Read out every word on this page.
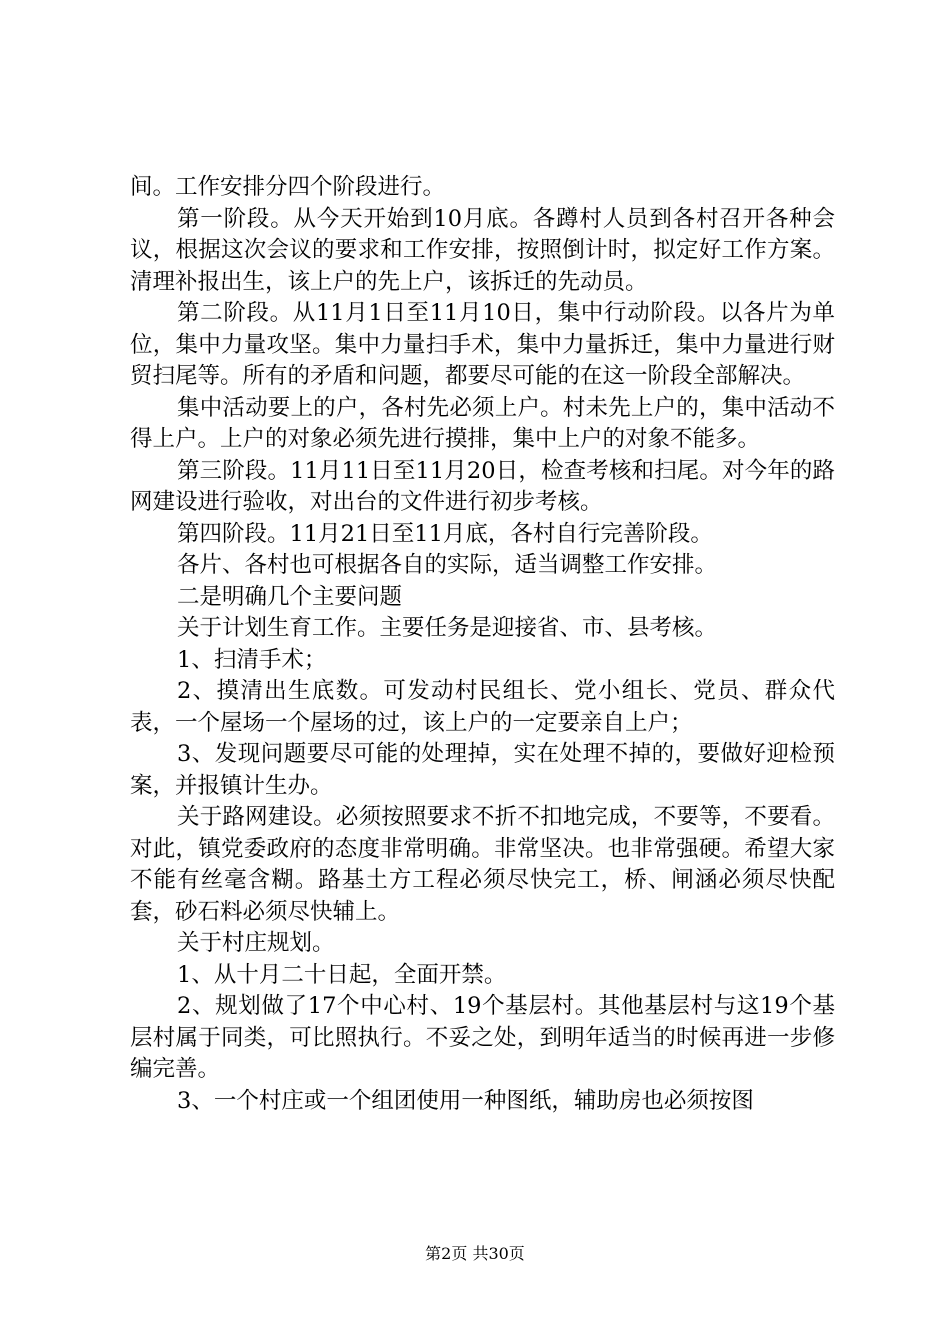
间。工作安排分四个阶段进行。

第一阶段。从今天开始到10月底。各蹲村人员到各村召开各种会议，根据这次会议的要求和工作安排，按照倒计时，拟定好工作方案。清理补报出生，该上户的先上户，该拆迁的先动员。

第二阶段。从11月1日至11月10日，集中行动阶段。以各片为单位，集中力量攻坚。集中力量扫手术，集中力量拆迁，集中力量进行财贸扫尾等。所有的矛盾和问题，都要尽可能的在这一阶段全部解决。

集中活动要上的户，各村先必须上户。村未先上户的，集中活动不得上户。上户的对象必须先进行摸排，集中上户的对象不能多。

第三阶段。11月11日至11月20日，检查考核和扫尾。对今年的路网建设进行验收，对出台的文件进行初步考核。

第四阶段。11月21日至11月底，各村自行完善阶段。

各片、各村也可根据各自的实际，适当调整工作安排。

二是明确几个主要问题

关于计划生育工作。主要任务是迎接省、市、县考核。

1、扫清手术；

2、摸清出生底数。可发动村民组长、党小组长、党员、群众代表，一个屋场一个屋场的过，该上户的一定要亲自上户；

3、发现问题要尽可能的处理掉，实在处理不掉的，要做好迎检预案，并报镇计生办。

关于路网建设。必须按照要求不折不扣地完成，不要等，不要看。对此，镇党委政府的态度非常明确。非常坚决。也非常强硬。希望大家不能有丝毫含糊。路基土方工程必须尽快完工，桥、闸涵必须尽快配套，砂石料必须尽快辅上。

关于村庄规划。

1、从十月二十日起，全面开禁。

2、规划做了17个中心村、19个基层村。其他基层村与这19个基层村属于同类，可比照执行。不妥之处，到明年适当的时候再进一步修编完善。

3、一个村庄或一个组团使用一种图纸，辅助房也必须按图

第2页 共30页
